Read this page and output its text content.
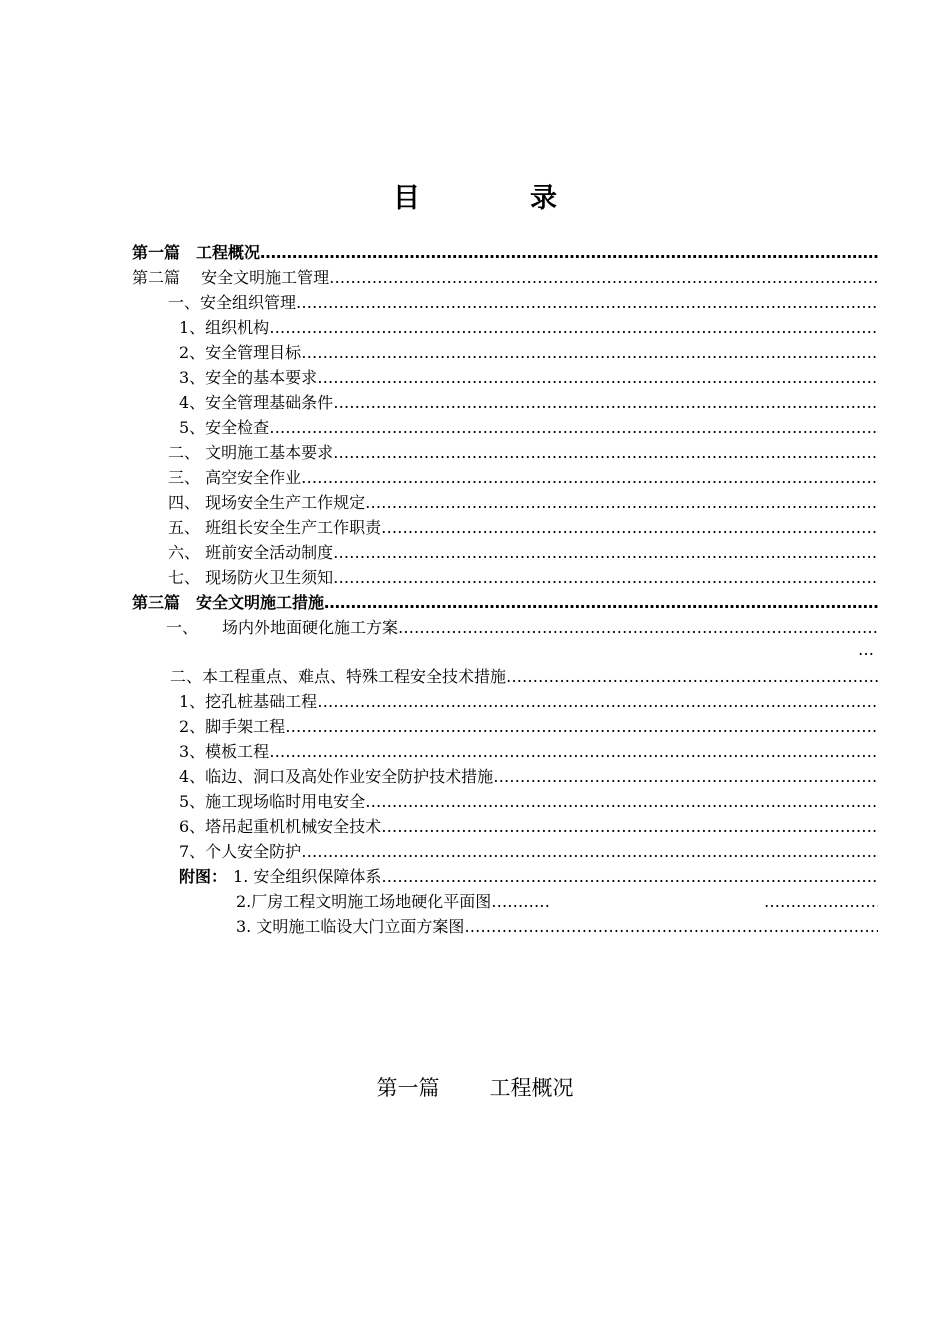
目	录
第一篇　工程概况
……………………………………………………………………………………………………………………………………………………………………………………………………………………………………
第二篇　 安全文明施工管理
……………………………………………………………………………………………………………………………………………………………………………………………………………………………………
一、安全组织管理
……………………………………………………………………………………………………………………………………………………………………………………………………………………………………
1、组织机构
……………………………………………………………………………………………………………………………………………………………………………………………………………………………………
2、安全管理目标
……………………………………………………………………………………………………………………………………………………………………………………………………………………………………
3、安全的基本要求
……………………………………………………………………………………………………………………………………………………………………………………………………………………………………
4、安全管理基础条件
……………………………………………………………………………………………………………………………………………………………………………………………………………………………………
5、安全检查
……………………………………………………………………………………………………………………………………………………………………………………………………………………………………
二、 文明施工基本要求
……………………………………………………………………………………………………………………………………………………………………………………………………………………………………
三、 高空安全作业
……………………………………………………………………………………………………………………………………………………………………………………………………………………………………
四、 现场安全生产工作规定
……………………………………………………………………………………………………………………………………………………………………………………………………………………………………
五、 班组长安全生产工作职责
……………………………………………………………………………………………………………………………………………………………………………………………………………………………………
六、 班前安全活动制度
……………………………………………………………………………………………………………………………………………………………………………………………………………………………………
七、 现场防火卫生须知
……………………………………………………………………………………………………………………………………………………………………………………………………………………………………
第三篇　安全文明施工措施
……………………………………………………………………………………………………………………………………………………………………………………………………………………………………
一、　　场内外地面硬化施工方案
……………………………………………………………………………………………………………………………………………………………………………………………………………………………………
…
二、本工程重点、难点、特殊工程安全技术措施
……………………………………………………………………………………………………………………………………………………………………………………………………………………………………
1、挖孔桩基础工程
……………………………………………………………………………………………………………………………………………………………………………………………………………………………………
2、脚手架工程
……………………………………………………………………………………………………………………………………………………………………………………………………………………………………
3、模板工程
……………………………………………………………………………………………………………………………………………………………………………………………………………………………………
4、临边、洞口及高处作业安全防护技术措施
……………………………………………………………………………………………………………………………………………………………………………………………………………………………………
5、施工现场临时用电安全
……………………………………………………………………………………………………………………………………………………………………………………………………………………………………
6、塔吊起重机机械安全技术
……………………………………………………………………………………………………………………………………………………………………………………………………………………………………
7、个人安全防护
……………………………………………………………………………………………………………………………………………………………………………………………………………………………………
附图： 1. 安全组织保障体系
……………………………………………………………………………………………………………………………………………………………………………………………………………………………………
2.厂房工程文明施工场地硬化平面图……………………………………………………………………
……………………………………………………………………
3. 文明施工临设大门立面方案图
……………………………………………………………………………………………………………………………………………………………………………………………………………………………………
第一篇 工程概况
